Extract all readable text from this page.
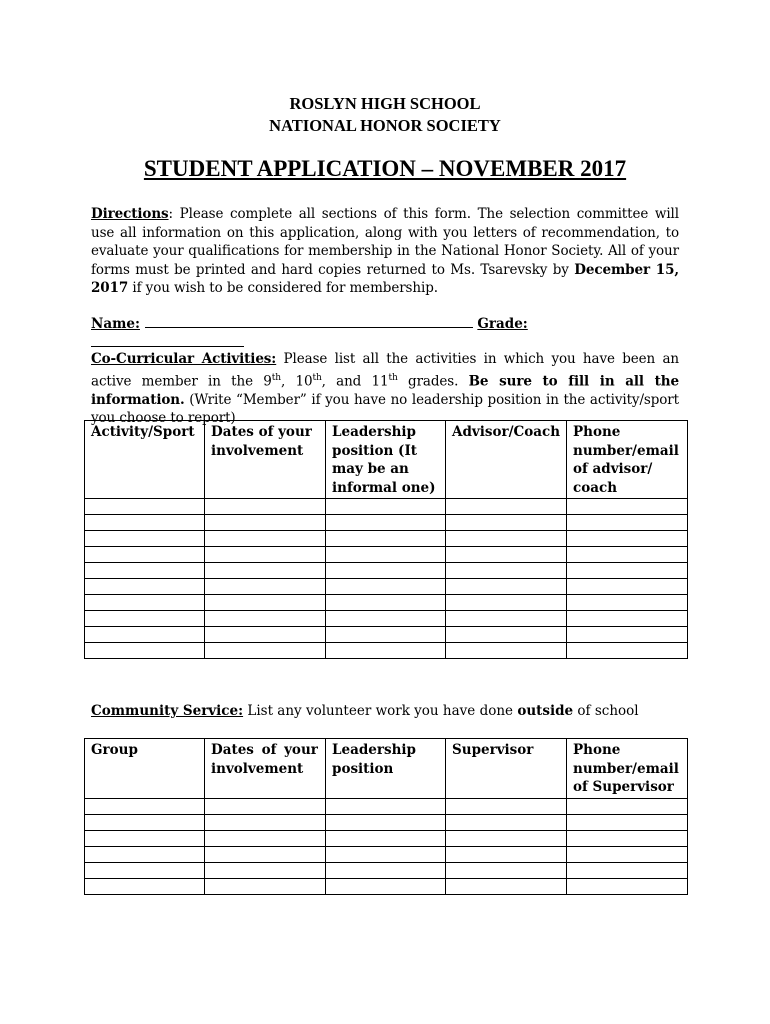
ROSLYN HIGH SCHOOL
NATIONAL HONOR SOCIETY
STUDENT APPLICATION – NOVEMBER 2017
Directions: Please complete all sections of this form. The selection committee will use all information on this application, along with you letters of recommendation, to evaluate your qualifications for membership in the National Honor Society. All of your forms must be printed and hard copies returned to Ms. Tsarevsky by December 15, 2017 if you wish to be considered for membership.
Name:	Grade:
Co-Curricular Activities: Please list all the activities in which you have been an active member in the 9th, 10th, and 11th grades. Be sure to fill in all the information. (Write “Member” if you have no leadership position in the activity/sport you choose to report)
Activity/Sport	Dates of your involvement	Leadership position (It may be an informal one)	Advisor/Coach	Phone number/email of advisor/ coach

Community Service: List any volunteer work you have done outside of school
Group	Dates of your involvement	Leadership position	Supervisor	Phone number/email of Supervisor
